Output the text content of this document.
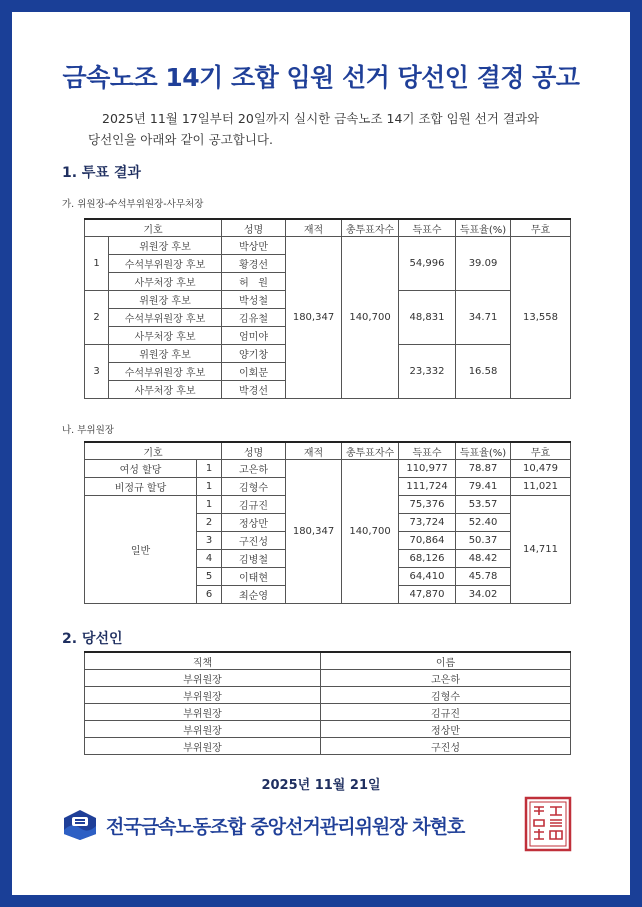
금속노조 14기 조합 임원 선거 당선인 결정 공고
2025년 11월 17일부터 20일까지 실시한 금속노조 14기 조합 임원 선거 결과와
당선인을 아래와 같이 공고합니다.
1. 투표 결과
가. 위원장-수석부위원장-사무처장
기호		성명	재적	총투표자수	득표수	득표율(%)	무효
1	위원장 후보	박상만	180,347	140,700	54,996	39.09	13,558
	수석부위원장 후보	황경선					
	사무처장 후보	허   원					
2	위원장 후보	박성철			48,831	34.71	
	수석부위원장 후보	김유철					
	사무처장 후보	엄미야					
3	위원장 후보	양기창			23,332	16.58	
	수석부위원장 후보	이회문					
	사무처장 후보	박경선					
나. 부위원장
기호		성명	재적	총투표자수	득표수	득표율(%)	무효
여성 할당	1	고은하	180,347	140,700	110,977	78.87	10,479
비정규 할당	1	김형수			111,724	79.41	11,021
일반	1	김규진			75,376	53.57	14,711
	2	정상만			73,724	52.40	
	3	구진성			70,864	50.37	
	4	김병철			68,126	48.42	
	5	이태현			64,410	45.78	
	6	최순영			47,870	34.02	
2. 당선인
직책	이름
부위원장	고은하
부위원장	김형수
부위원장	김규진
부위원장	정상만
부위원장	구진성
2025년 11월 21일
전국금속노동조합 중앙선거관리위원장 차현호
